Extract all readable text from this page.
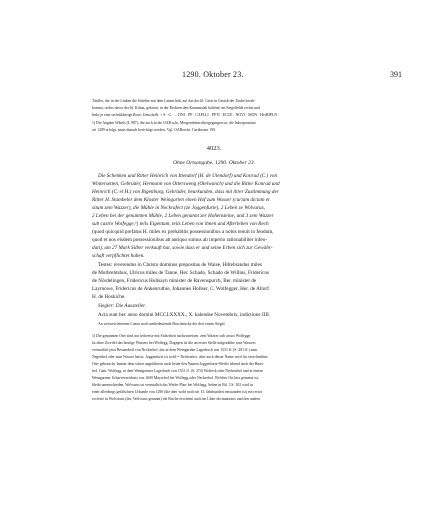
1290. Oktober 23.	391
Tänfler, der in der Linken die Scheibe mit dem Lamm hält, auf das der hl. Geist in Gestalt der Taube herab-
kommt, rechts davor der hl. Kilian, gekrönt, in der Rechten den Krummstab haltend; im Siegelfelde rechts und
links je eine sechsblättrige Rose; Umschrift: + S · G · ... DNI · PP · CAPLLI · PPTI · ECCE · NOVI · MON · HerBIPLN ·
1) Die Angabe Wibels (I, 987), die auch in die OAB.schr. Mergentheim übergegangen ist, die Inkorporation
sei 1289 erfolgt, muss danach berichtigt werden. Vgl. OABescbr. Gerabronn 190.
4023.
Ohne Ortsangabe. 1290. Oktober 23.
Die Schenken und Ritter Heinrich von Ittendorf (H. de Utendorf) und Konrad (C.) von
Wintersetten, Gebrüder, Hermann von Ottersweng (Otelwanch) und die Ritter Konrad und
Heinrich (C. et H.) von Bigenburg, Gebrüder, beurkunden, dass mit ihrer Zustimmung der
Ritter H. Stambeler dem Kloster Weingarten einen Hof zum Wasser (curiam dictam et
situm zem Wazzer), die Mühle in Neckrafect (ze Joggenfurte), 2 Leben ze Wolvarus,
2 Leben bei der genannten Mühle, 2 Leben genannt zer Hohensteine, und 3 zem Wazzer
sub castro Wolfegge,¹) teils Eigentum, teils Leben von ihnen und Afterleben von Rech
(quod quicquid prefatus H. miles ex prehabitis possessionibus a nobis tenuit in feodum,
quod et nos eisdem possessionibus ab antiquo sumus ab imperio rationabiliter infeo-
dati), um 27 Mark Silber verkauft hat, sowie dass er und seine Erben sich zur Gewähr-
schaft verpflichtet haben.
Testes: reverendus in Christo dominus prepositus de Waise, Hiltebrandus miles
de Molbrehtshus, Ulricus miles de Tanne, Her. Schado, Schado de Willins, Fridericus
de Nördelingen, Fridericus Hollsayn minister de Ravenspurch, Ber. minister de
Laymowe, Fridericus de Ankenruthie, Johannes Hollser, C. Wolfegger, Her. de Altorf.
H. de Hoskiche.
Siegler: Die Aussteller.
Acta sunt hec anno domini MCCLXXXX., X. kalendse Novembris, indictione IIII.
An weissen leinenen Litzen noch umbedeutende Bruchstücke der drei ersten Siegel.
1) Die genannten Orte sind nur teilweise mit Sicherheit nachzuweisen. zem Wazzer sub castro Wolfegge
ist ohne Zweifel das heutige Wassers bei Wolfegg. Dagegen ist die an erster Stelle aufgezählte area Wassers
vermutlich jetzt Bestandteil von Neckerhof, das in dem Weingartner Lagerbuch von 1531 ff. (S. 281 ff.) zum
Negenhof oder zum Wasser heisst. Joggenfurte ist wohl = Neckrafect, aber auch dieser Name wird für verschiedene
Orte gebraucht. Immer dem schon angeführten nach heute den Namen Joggenfurte-Weiler lebend auch der Haus-
hof, Gem. Wolfegg, in dem Weingartner Lagerbuch von 1531 ff. (S. 274) Wolfeck oder Neckenhof und in einem
Weingartner Urbarverzeichnis von 1600 Mayerhof bei Wolfegg oder Neckerhof. Welcher Ort hier gemeint ist,
bleibt unentschieden. Wolvarus ist vermutlich das Weiler Plarr bei Wolfegg. Sehen in Bd. 3 S. 302 wird in
einer allerdings gefälschten Urkunde von 1290 (die aber wohl noch im 13. Jahrhundert entstanden ist) ein rector
ecclesie in Wolvarnis (der, Wolvarus genannt) die Kirche erscheint auch im Liber decimationis und den andern
